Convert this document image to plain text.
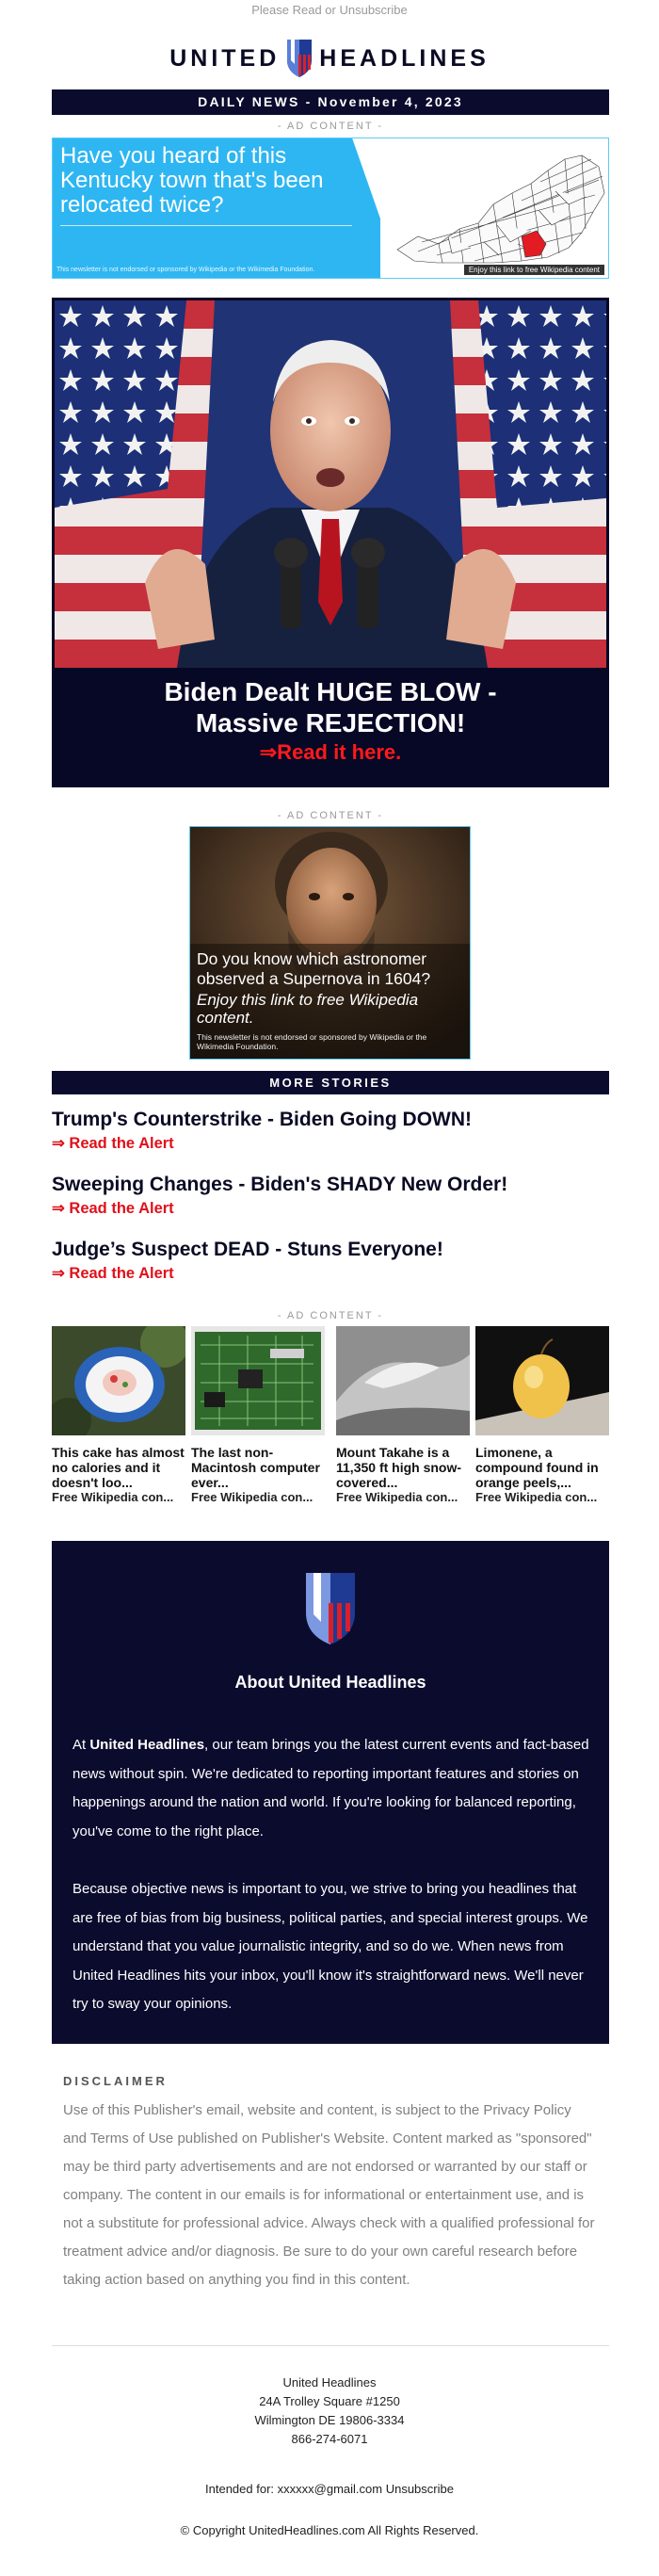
Please Read or Unsubscribe
UNITED HEADLINES
DAILY NEWS - November 4, 2023
- AD CONTENT -
Have you heard of this Kentucky town that's been relocated twice?
This newsletter is not endorsed or sponsored by Wikipedia or the Wikimedia Foundation.	Enjoy this link to free Wikipedia content
Biden Dealt HUGE BLOW -
Massive REJECTION!
⇒Read it here.
- AD CONTENT -
Do you know which astronomer observed a Supernova in 1604?
Enjoy this link to free Wikipedia content.
This newsletter is not endorsed or sponsored by Wikipedia or the Wikimedia Foundation.
MORE STORIES
Trump's Counterstrike - Biden Going DOWN!
⇒ Read the Alert
Sweeping Changes - Biden's SHADY New Order!
⇒ Read the Alert
Judge’s Suspect DEAD - Stuns Everyone!
⇒ Read the Alert
- AD CONTENT -
This cake has almost no calories and it doesn't loo...
Free Wikipedia con...
The last non-Macintosh computer ever...
Free Wikipedia con...
Mount Takahe is a 11,350 ft high snow-covered...
Free Wikipedia con...
Limonene, a compound found in orange peels,...
Free Wikipedia con...
About United Headlines

At United Headlines, our team brings you the latest current events and fact-based news without spin. We're dedicated to reporting important features and stories on happenings around the nation and world. If you're looking for balanced reporting, you've come to the right place.

Because objective news is important to you, we strive to bring you headlines that are free of bias from big business, political parties, and special interest groups. We understand that you value journalistic integrity, and so do we. When news from United Headlines hits your inbox, you'll know it's straightforward news. We'll never try to sway your opinions.

DISCLAIMER
Use of this Publisher's email, website and content, is subject to the Privacy Policy and Terms of Use published on Publisher's Website. Content marked as "sponsored" may be third party advertisements and are not endorsed or warranted by our staff or company. The content in our emails is for informational or entertainment use, and is not a substitute for professional advice. Always check with a qualified professional for treatment advice and/or diagnosis. Be sure to do your own careful research before taking action based on anything you find in this content.
United Headlines
24A Trolley Square #1250
Wilmington DE 19806-3334
866-274-6071
Intended for: xxxxxx@gmail.com Unsubscribe
© Copyright UnitedHeadlines.com All Rights Reserved.
